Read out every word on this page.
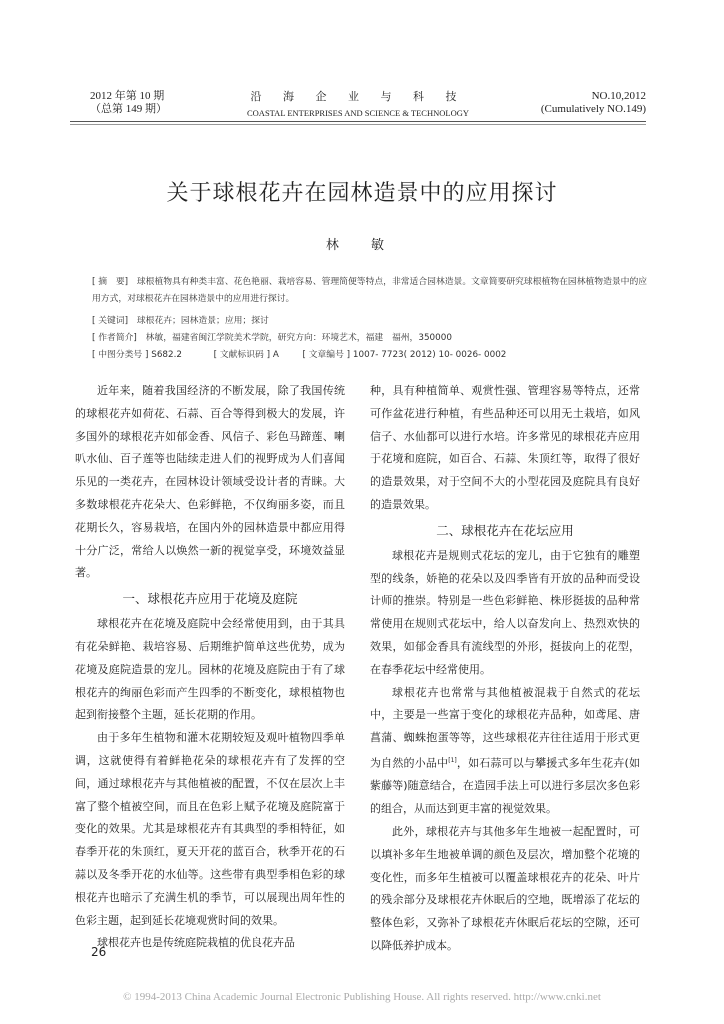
2012 年第 10 期
（总第 149 期）
沿 海 企 业 与 科 技
COASTAL ENTERPRISES AND SCIENCE & TECHNOLOGY
NO.10,2012
(Cumulatively NO.149)
关于球根花卉在园林造景中的应用探讨
林 敏
[ 摘　要]　球根植物具有种类丰富、花色艳丽、栽培容易、管理简便等特点，非常适合园林造景。文章简要研究球根植物在园林植物造景中的应用方式，对球根花卉在园林造景中的应用进行探讨。
[ 关键词]　球根花卉；园林造景；应用；探讨
[ 作者简介]　林敏，福建省闽江学院美术学院，研究方向：环境艺术，福建　福州，350000
[ 中图分类号 ] S682.2	[ 文献标识码 ] A	[ 文章编号 ] 1007- 7723( 2012) 10- 0026- 0002

近年来，随着我国经济的不断发展，除了我国传统的球根花卉如荷花、石蒜、百合等得到极大的发展，许多国外的球根花卉如郁金香、风信子、彩色马蹄莲、喇叭水仙、百子莲等也陆续走进人们的视野成为人们喜闻乐见的一类花卉，在园林设计领域受设计者的青睐。大多数球根花卉花朵大、色彩鲜艳，不仅绚丽多姿，而且花期长久，容易栽培，在国内外的园林造景中都应用得十分广泛，常给人以焕然一新的视觉享受，环境效益显著。

一、球根花卉应用于花境及庭院

球根花卉在花境及庭院中会经常使用到，由于其具有花朵鲜艳、栽培容易、后期维护简单这些优势，成为花境及庭院造景的宠儿。园林的花境及庭院由于有了球根花卉的绚丽色彩而产生四季的不断变化，球根植物也起到衔接整个主题，延长花期的作用。

由于多年生植物和灌木花期较短及观叶植物四季单调，这就使得有着鲜艳花朵的球根花卉有了发挥的空间，通过球根花卉与其他植被的配置，不仅在层次上丰富了整个植被空间，而且在色彩上赋予花境及庭院富于变化的效果。尤其是球根花卉有其典型的季相特征，如春季开花的朱顶红，夏天开花的蓝百合，秋季开花的石蒜以及冬季开花的水仙等。这些带有典型季相色彩的球根花卉也暗示了充满生机的季节，可以展现出周年性的色彩主题，起到延长花境观赏时间的效果。

球根花卉也是传统庭院栽植的优良花卉品

种，具有种植简单、观赏性强、管理容易等特点，还常可作盆花进行种植，有些品种还可以用无土栽培，如风信子、水仙都可以进行水培。许多常见的球根花卉应用于花境和庭院，如百合、石蒜、朱顶红等，取得了很好的造景效果，对于空间不大的小型花园及庭院具有良好的造景效果。

二、球根花卉在花坛应用

球根花卉是规则式花坛的宠儿，由于它独有的雕塑型的线条，娇艳的花朵以及四季皆有开放的品种而受设计师的推崇。特别是一些色彩鲜艳、株形挺拔的品种常常使用在规则式花坛中，给人以奋发向上、热烈欢快的效果，如郁金香具有流线型的外形，挺拔向上的花型，在春季花坛中经常使用。

球根花卉也常常与其他植被混栽于自然式的花坛中，主要是一些富于变化的球根花卉品种，如鸢尾、唐菖蒲、蜘蛛抱蛋等等，这些球根花卉往往适用于形式更为自然的小品中[1]，如石蒜可以与攀援式多年生花卉(如紫藤等)随意结合，在造园手法上可以进行多层次多色彩的组合，从而达到更丰富的视觉效果。

此外，球根花卉与其他多年生地被一起配置时，可以填补多年生地被单调的颜色及层次，增加整个花境的变化性，而多年生植被可以覆盖球根花卉的花朵、叶片的残余部分及球根花卉休眠后的空地，既增添了花坛的整体色彩，又弥补了球根花卉休眠后花坛的空隙，还可以降低养护成本。

26
© 1994-2013 China Academic Journal Electronic Publishing House. All rights reserved. http://www.cnki.net
